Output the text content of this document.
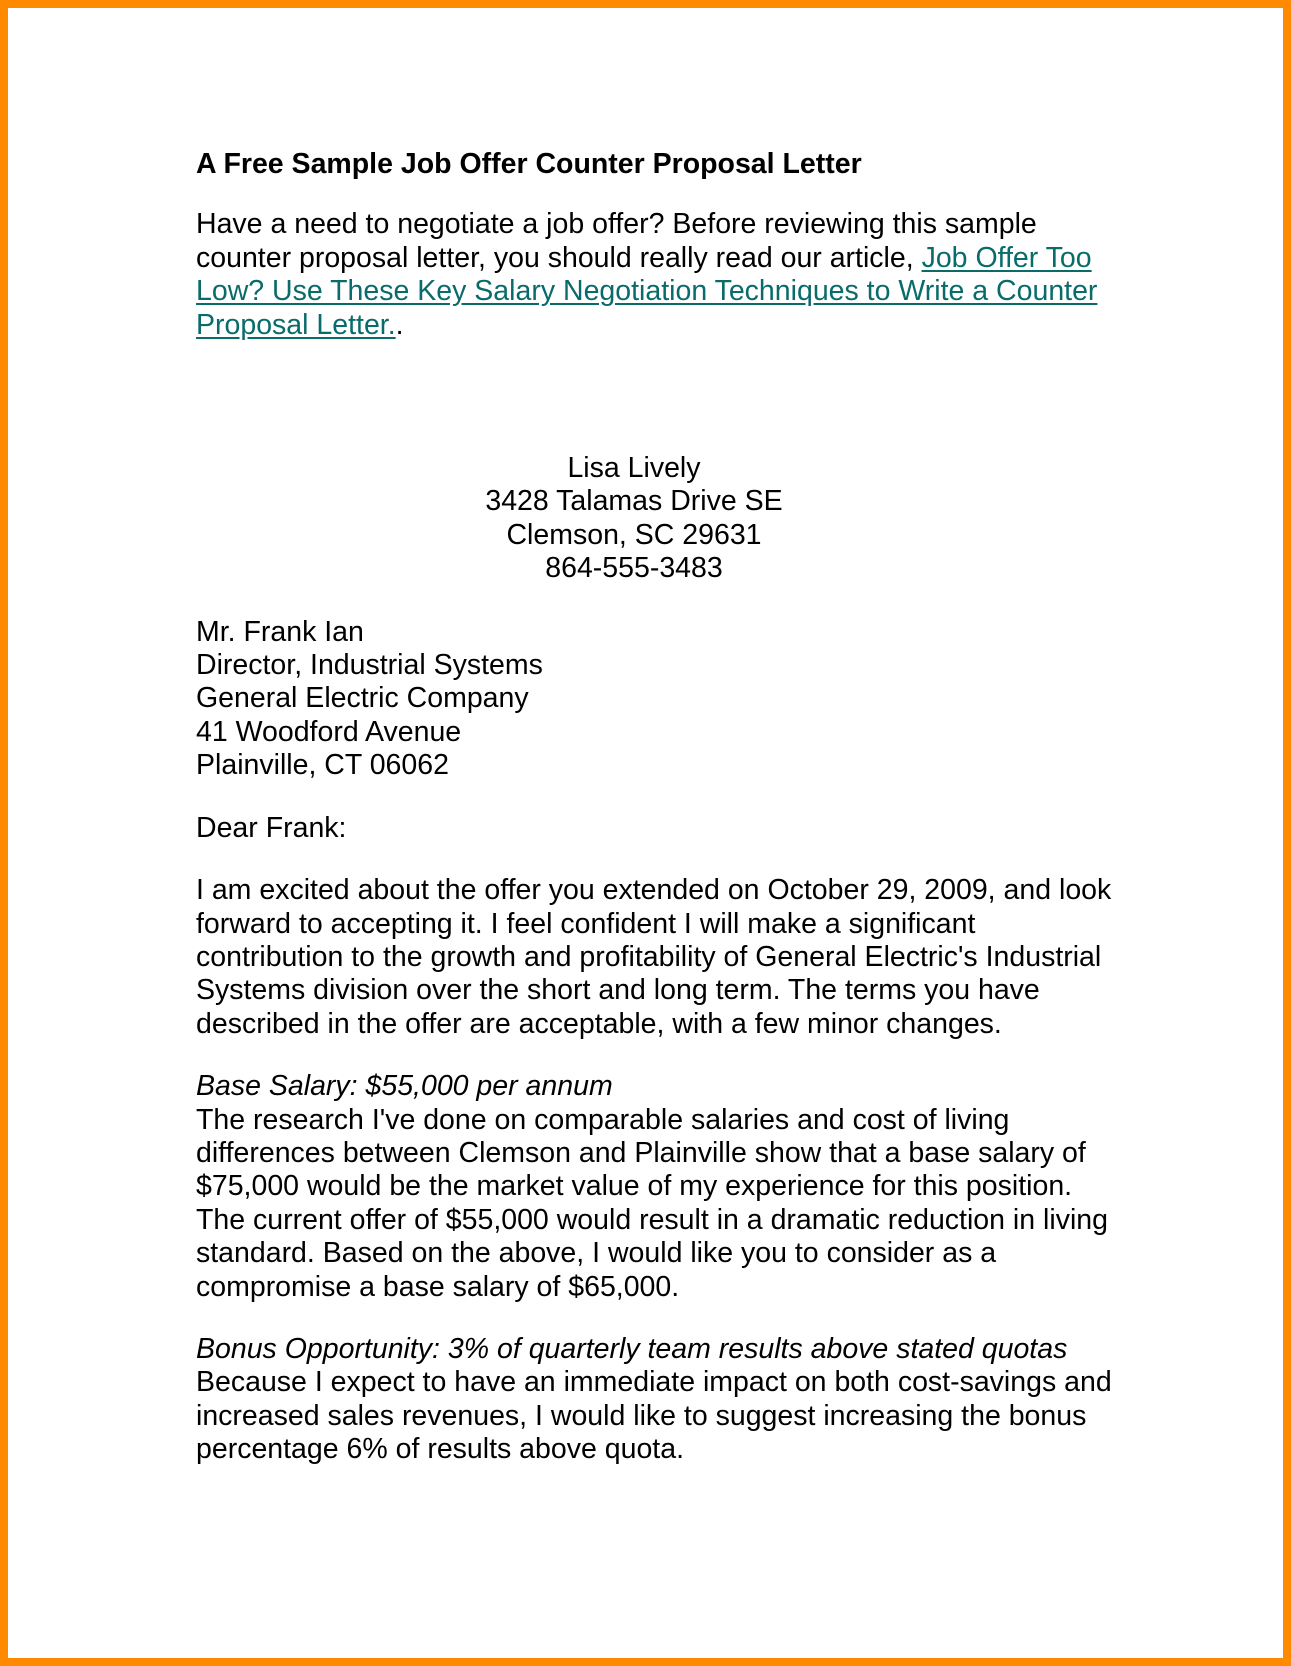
A Free Sample Job Offer Counter Proposal Letter

Have a need to negotiate a job offer? Before reviewing this sample counter proposal letter, you should really read our article, Job Offer Too Low? Use These Key Salary Negotiation Techniques to Write a Counter Proposal Letter..

Lisa Lively
3428 Talamas Drive SE
Clemson, SC 29631
864-555-3483
Mr. Frank Ian
Director, Industrial Systems
General Electric Company
41 Woodford Avenue
Plainville, CT 06062

Dear Frank:

I am excited about the offer you extended on October 29, 2009, and look forward to accepting it. I feel confident I will make a significant contribution to the growth and profitability of General Electric's Industrial Systems division over the short and long term. The terms you have described in the offer are acceptable, with a few minor changes.

Base Salary: $55,000 per annum

The research I've done on comparable salaries and cost of living differences between Clemson and Plainville show that a base salary of $75,000 would be the market value of my experience for this position. The current offer of $55,000 would result in a dramatic reduction in living standard. Based on the above, I would like you to consider as a compromise a base salary of $65,000.

Bonus Opportunity: 3% of quarterly team results above stated quotas

Because I expect to have an immediate impact on both cost-savings and increased sales revenues, I would like to suggest increasing the bonus percentage 6% of results above quota.
